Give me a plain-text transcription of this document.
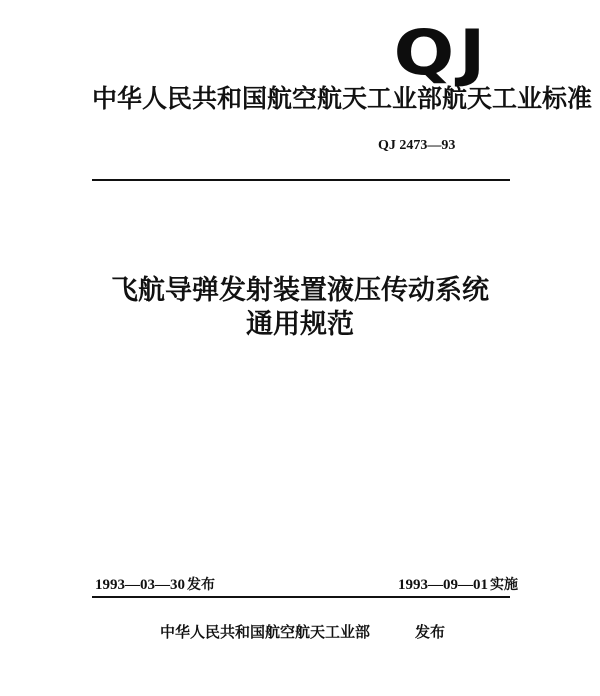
QJ
中华人民共和国航空航天工业部航天工业标准
QJ 2473—93
飞航导弹发射装置液压传动系统
通用规范
1993—03—30 发布	1993—09—01 实施
中华人民共和国航空航天工业部	发布
